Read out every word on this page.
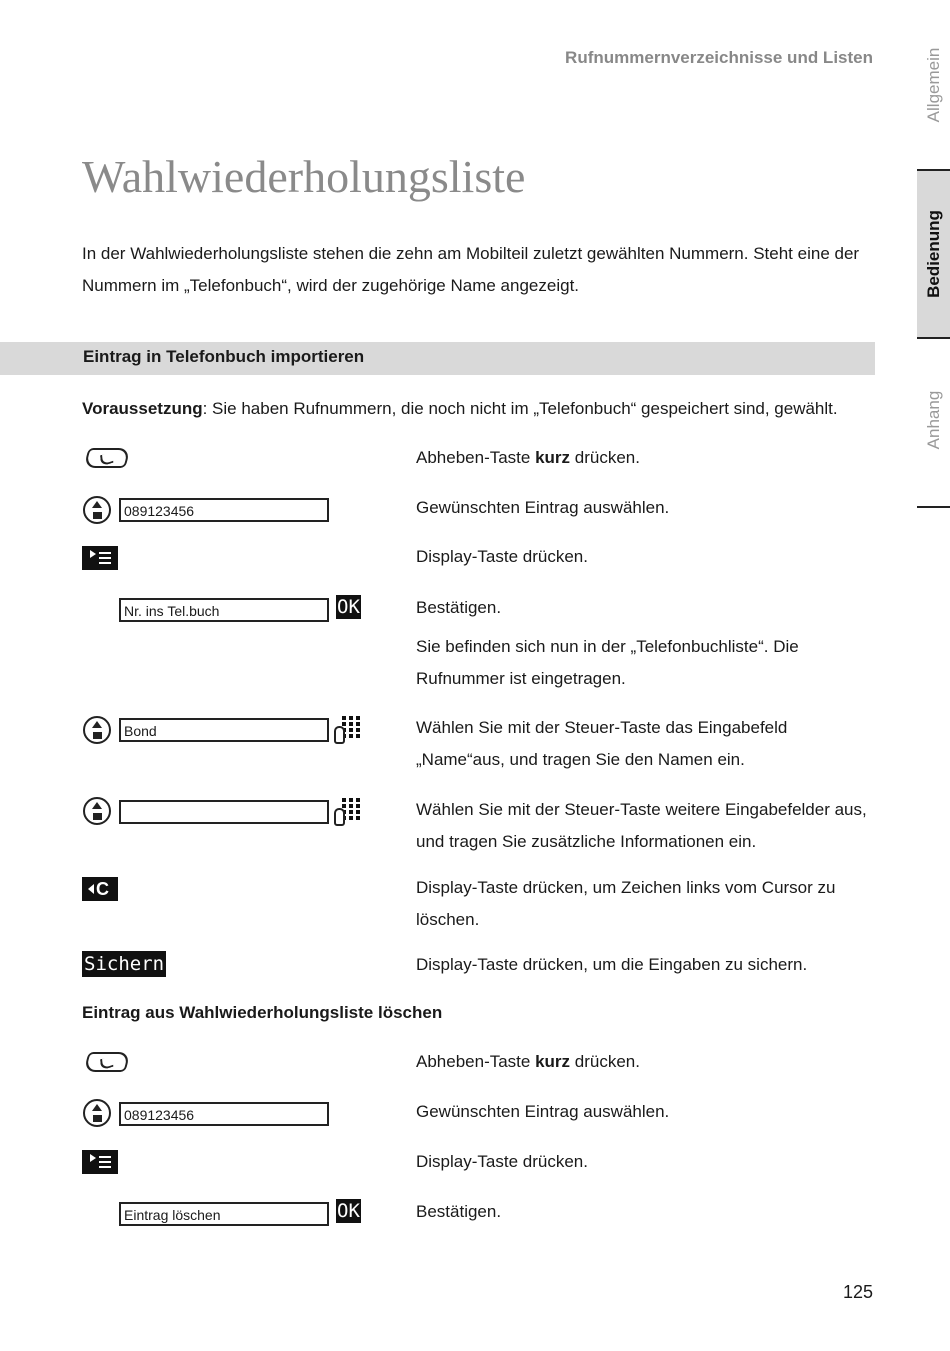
Rufnummernverzeichnisse und Listen	Allgemein
Bedienung
Anhang
Wahlwiederholungsliste
In der Wahlwiederholungsliste stehen die zehn am Mobilteil zuletzt gewählten Nummern. Steht eine der Nummern im „Telefonbuch“, wird der zugehörige Name angezeigt.
Eintrag in Telefonbuch importieren
Voraussetzung: Sie haben Rufnummern, die noch nicht im „Telefonbuch“ gespeichert sind, gewählt.
Abheben-Taste kurz drücken.
089123456	Gewünschten Eintrag auswählen.
Display-Taste drücken.
Nr. ins Tel.buch	OK	Bestätigen.
Sie befinden sich nun in der „Telefonbuchliste“. Die Rufnummer ist eingetragen.
Bond	Wählen Sie mit der Steuer-Taste das Eingabefeld „Name“aus, und tragen Sie den Namen ein.
Wählen Sie mit der Steuer-Taste weitere Eingabefelder aus, und tragen Sie zusätzliche Informationen ein.
C	Display-Taste drücken, um Zeichen links vom Cursor zu löschen.
Sichern	Display-Taste drücken, um die Eingaben zu sichern.
Eintrag aus Wahlwiederholungsliste löschen
Abheben-Taste kurz drücken.
089123456	Gewünschten Eintrag auswählen.
Display-Taste drücken.
Eintrag löschen	OK	Bestätigen.
125
